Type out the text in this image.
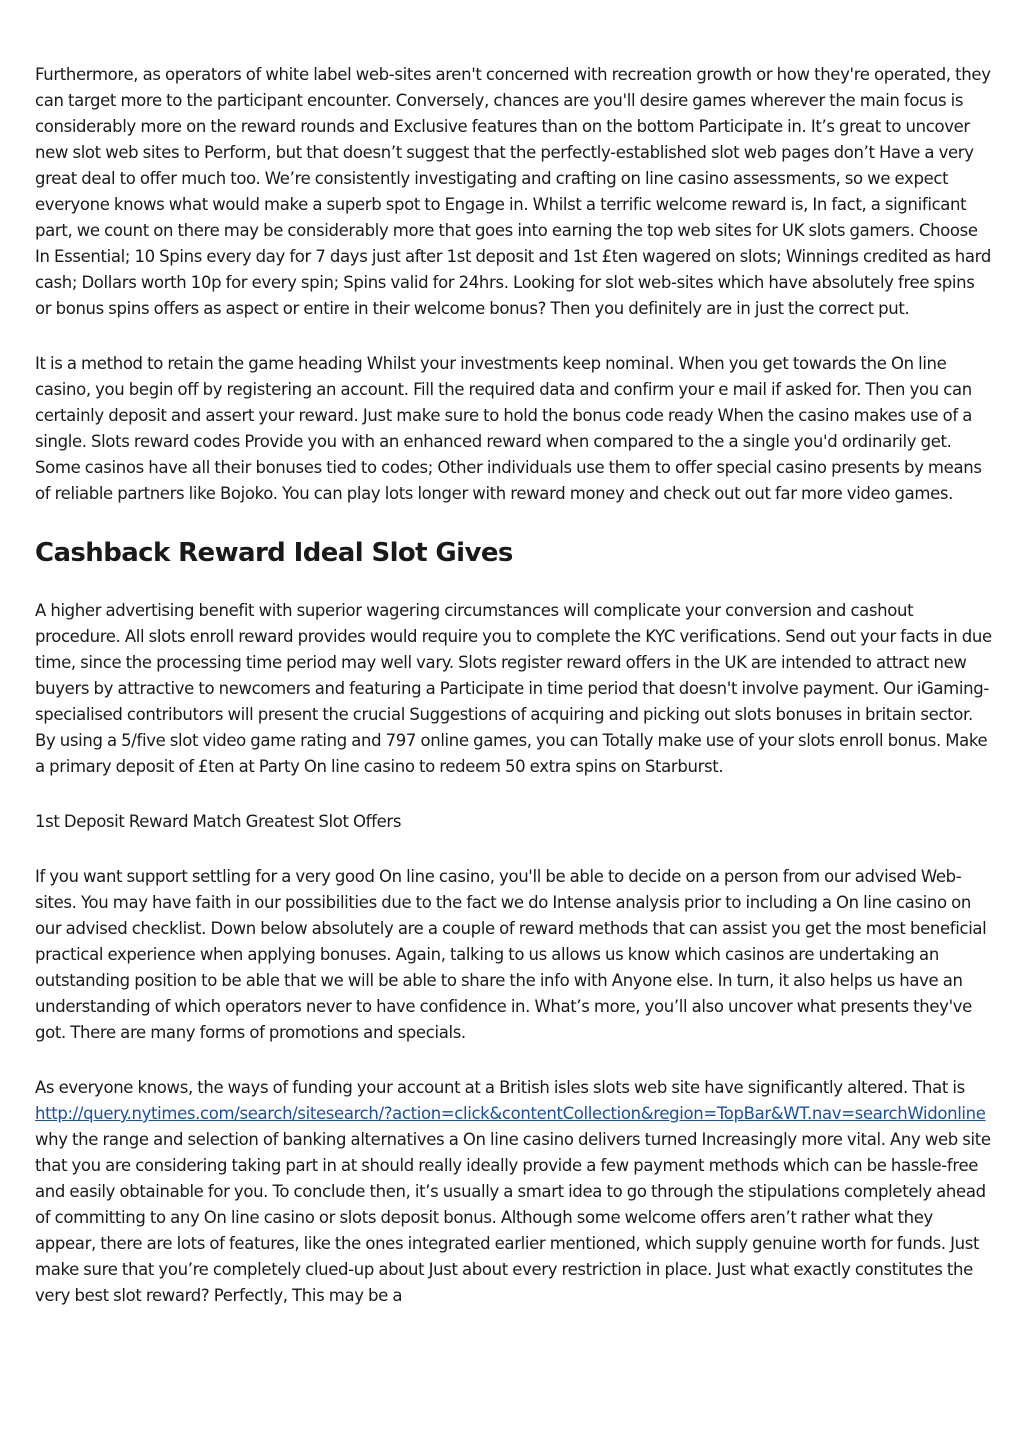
Furthermore, as operators of white label web-sites aren't concerned with recreation growth or how they're operated, they can target more to the participant encounter. Conversely, chances are you'll desire games wherever the main focus is considerably more on the reward rounds and Exclusive features than on the bottom Participate in. It’s great to uncover new slot web sites to Perform, but that doesn’t suggest that the perfectly-established slot web pages don’t Have a very great deal to offer much too. We’re consistently investigating and crafting on line casino assessments, so we expect everyone knows what would make a superb spot to Engage in. Whilst a terrific welcome reward is, In fact, a significant part, we count on there may be considerably more that goes into earning the top web sites for UK slots gamers. Choose In Essential; 10 Spins every day for 7 days just after 1st deposit and 1st £ten wagered on slots; Winnings credited as hard cash; Dollars worth 10p for every spin; Spins valid for 24hrs. Looking for slot web-sites which have absolutely free spins or bonus spins offers as aspect or entire in their welcome bonus? Then you definitely are in just the correct put.

It is a method to retain the game heading Whilst your investments keep nominal. When you get towards the On line casino, you begin off by registering an account. Fill the required data and confirm your e mail if asked for. Then you can certainly deposit and assert your reward. Just make sure to hold the bonus code ready When the casino makes use of a single. Slots reward codes Provide you with an enhanced reward when compared to the a single you'd ordinarily get. Some casinos have all their bonuses tied to codes; Other individuals use them to offer special casino presents by means of reliable partners like Bojoko. You can play lots longer with reward money and check out out far more video games.

Cashback Reward Ideal Slot Gives

A higher advertising benefit with superior wagering circumstances will complicate your conversion and cashout procedure. All slots enroll reward provides would require you to complete the KYC verifications. Send out your facts in due time, since the processing time period may well vary. Slots register reward offers in the UK are intended to attract new buyers by attractive to newcomers and featuring a Participate in time period that doesn't involve payment. Our iGaming-specialised contributors will present the crucial Suggestions of acquiring and picking out slots bonuses in britain sector. By using a 5/five slot video game rating and 797 online games, you can Totally make use of your slots enroll bonus. Make a primary deposit of £ten at Party On line casino to redeem 50 extra spins on Starburst.

1st Deposit Reward Match Greatest Slot Offers

If you want support settling for a very good On line casino, you'll be able to decide on a person from our advised Web-sites. You may have faith in our possibilities due to the fact we do Intense analysis prior to including a On line casino on our advised checklist. Down below absolutely are a couple of reward methods that can assist you get the most beneficial practical experience when applying bonuses. Again, talking to us allows us know which casinos are undertaking an outstanding position to be able that we will be able to share the info with Anyone else. In turn, it also helps us have an understanding of which operators never to have confidence in. What’s more, you’ll also uncover what presents they've got. There are many forms of promotions and specials.

As everyone knows, the ways of funding your account at a British isles slots web site have significantly altered. That is
http://query.nytimes.com/search/sitesearch/?action=click&contentCollection&region=TopBar&WT.nav=searchWidonline why the range and selection of banking alternatives a On line casino delivers turned Increasingly more vital. Any web site that you are considering taking part in at should really ideally provide a few payment methods which can be hassle-free and easily obtainable for you. To conclude then, it’s usually a smart idea to go through the stipulations completely ahead of committing to any On line casino or slots deposit bonus. Although some welcome offers aren’t rather what they appear, there are lots of features, like the ones integrated earlier mentioned, which supply genuine worth for funds. Just make sure that you’re completely clued-up about Just about every restriction in place. Just what exactly constitutes the very best slot reward? Perfectly, This may be a
